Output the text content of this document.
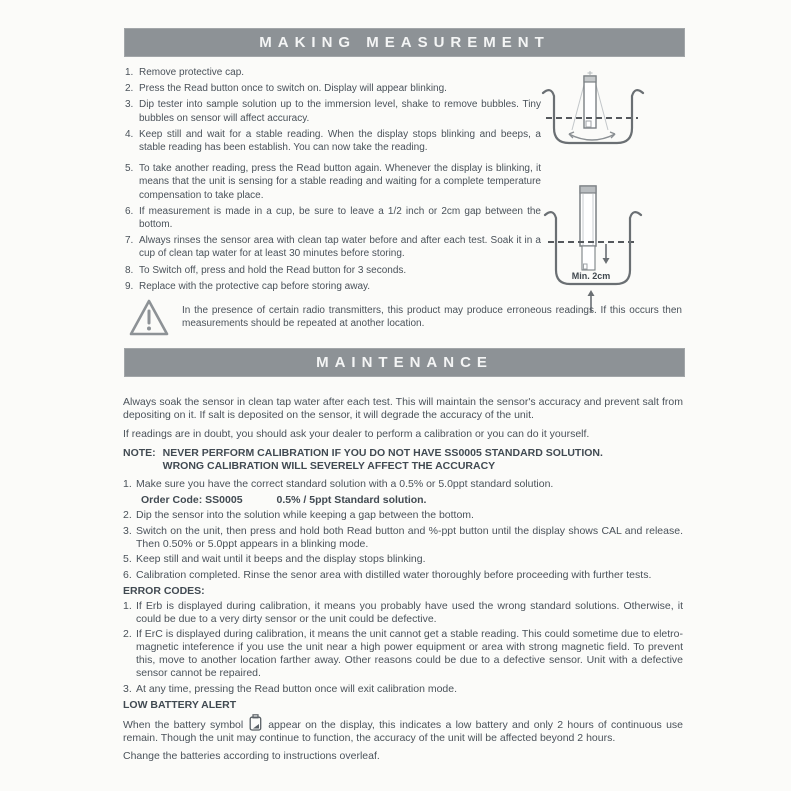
MAKING MEASUREMENT
1. Remove protective cap.
2. Press the Read button once to switch on. Display will appear blinking.
3. Dip tester into sample solution up to the immersion level, shake to remove bubbles. Tiny bubbles on sensor will affect accuracy.
4. Keep still and wait for a stable reading. When the display stops blinking and beeps, a stable reading has been establish. You can now take the reading.
5. To take another reading, press the Read button again. Whenever the display is blinking, it means that the unit is sensing for a stable reading and waiting for a complete temperature compensation to take place.
6. If measurement is made in a cup, be sure to leave a 1/2 inch or 2cm gap between the bottom.
7. Always rinses the sensor area with clean tap water before and after each test. Soak it in a cup of clean tap water for at least 30 minutes before storing.
8. To Switch off, press and hold the Read button for 3 seconds.
9. Replace with the protective cap before storing away.
Min. 2cm
In the presence of certain radio transmitters, this product may produce erroneous readings. If this occurs then measurements should be repeated at another location.
MAINTENANCE

Always soak the sensor in clean tap water after each test. This will maintain the sensor's accuracy and prevent salt from depositing on it. If salt is deposited on the sensor, it will degrade the accuracy of the unit.

If readings are in doubt, you should ask your dealer to perform a calibration or you can do it yourself.

NOTE: NEVER PERFORM CALIBRATION IF YOU DO NOT HAVE SS0005 STANDARD SOLUTION.
WRONG CALIBRATION WILL SEVERELY AFFECT THE ACCURACY
1. Make sure you have the correct standard solution with a 0.5% or 5.0ppt standard solution.
Order Code: SS0005	0.5% / 5ppt Standard solution.
2. Dip the sensor into the solution while keeping a gap between the bottom.
3. Switch on the unit, then press and hold both Read button and %-ppt button until the display shows CAL and release. Then 0.50% or 5.0ppt appears in a blinking mode.
5. Keep still and wait until it beeps and the display stops blinking.
6. Calibration completed. Rinse the senor area with distilled water thoroughly before proceeding with further tests.
ERROR CODES:
1. If Erb is displayed during calibration, it means you probably have used the wrong standard solutions. Otherwise, it could be due to a very dirty sensor or the unit could be defective.
2. If ErC is displayed during calibration, it means the unit cannot get a stable reading. This could sometime due to eletro-magnetic inteference if you use the unit near a high power equipment or area with strong magnetic field. To prevent this, move to another location farther away. Other reasons could be due to a defective sensor. Unit with a defective sensor cannot be repaired.
3. At any time, pressing the Read button once will exit calibration mode.
LOW BATTERY ALERT
When the battery symbol appear on the display, this indicates a low battery and only 2 hours of continuous use remain. Though the unit may continue to function, the accuracy of the unit will be affected beyond 2 hours.

Change the batteries according to instructions overleaf.
